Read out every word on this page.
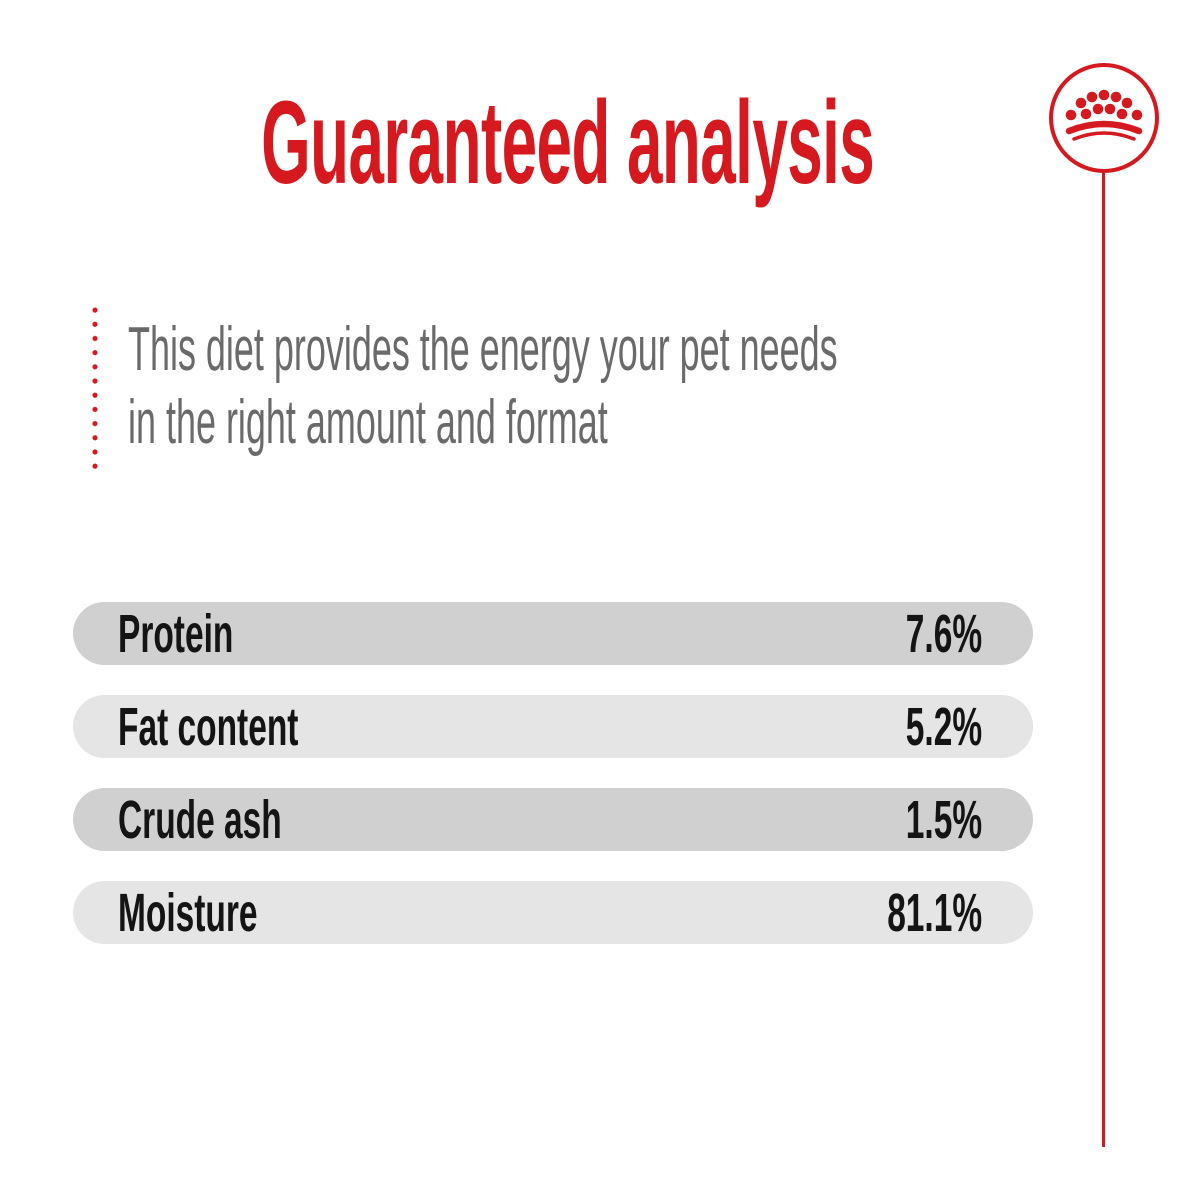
Guaranteed analysis
This diet provides the energy your pet needs
in the right amount and format
Protein	7.6%
Fat content	5.2%
Crude ash	1.5%
Moisture	81.1%
